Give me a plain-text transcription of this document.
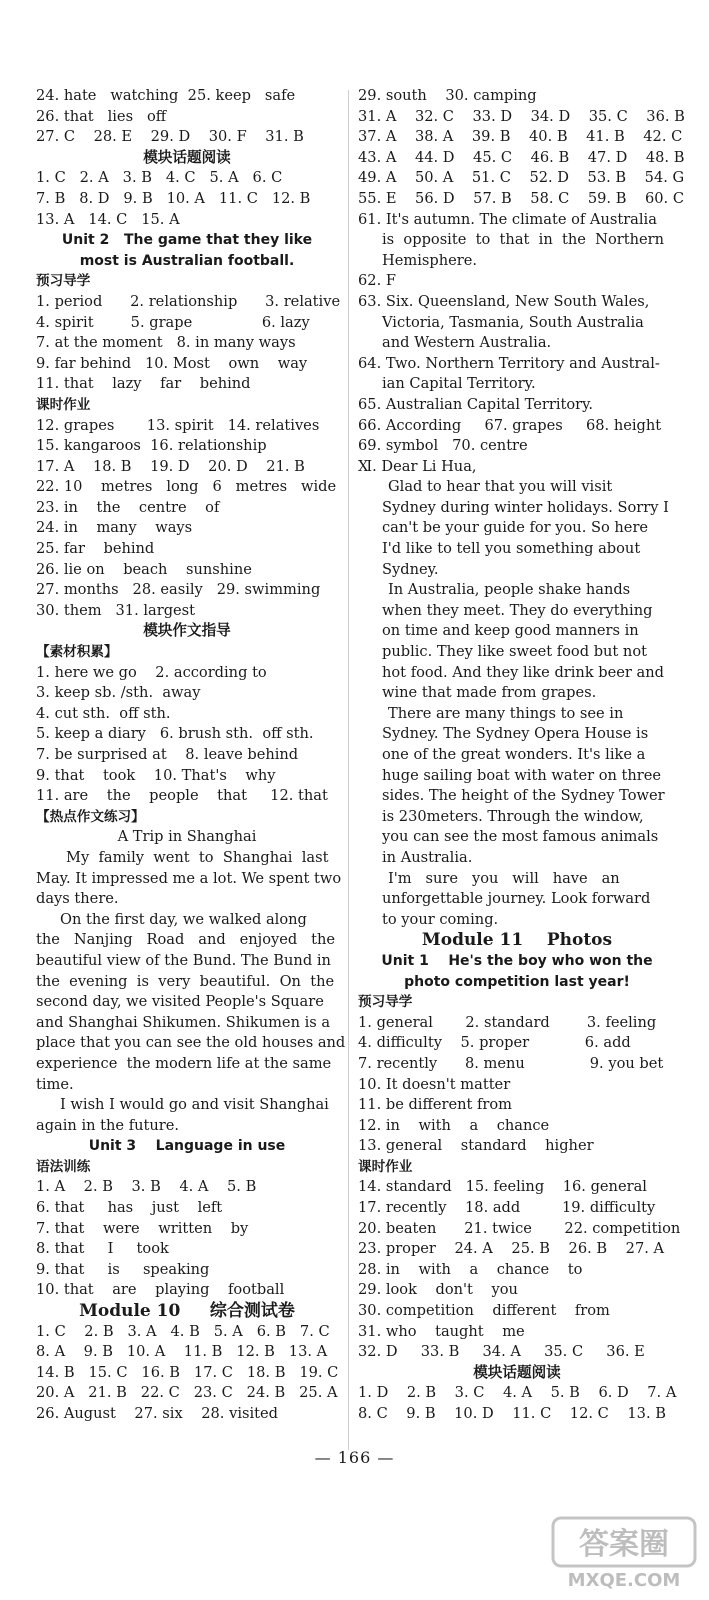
24. hate   watching  25. keep   safe
26. that   lies   off
27. C    28. E    29. D    30. F    31. B
模块话题阅读
1. C   2. A   3. B   4. C   5. A   6. C
7. B   8. D   9. B   10. A   11. C   12. B
13. A   14. C   15. A
Unit 2   The game that they like
most is Australian football.
预习导学
1. period      2. relationship      3. relative
4. spirit        5. grape               6. lazy
7. at the moment   8. in many ways
9. far behind   10. Most    own    way
11. that    lazy    far    behind
课时作业
12. grapes       13. spirit   14. relatives
15. kangaroos  16. relationship
17. A    18. B    19. D    20. D    21. B
22. 10    metres   long   6   metres   wide
23. in    the    centre    of
24. in    many    ways
25. far    behind
26. lie on    beach    sunshine
27. months   28. easily   29. swimming
30. them   31. largest
模块作文指导
【素材积累】
1. here we go    2. according to
3. keep sb. /sth.  away
4. cut sth.  off sth.
5. keep a diary   6. brush sth.  off sth.
7. be surprised at    8. leave behind
9. that    took    10. That's    why
11. are    the    people    that     12. that
【热点作文练习】
A Trip in Shanghai
My  family  went  to  Shanghai  last
May. It impressed me a lot. We spent two
days there.
On the first day, we walked along
the   Nanjing   Road   and   enjoyed   the
beautiful view of the Bund. The Bund in
the  evening  is  very  beautiful.  On  the
second day, we visited People's Square
and Shanghai Shikumen. Shikumen is a
place that you can see the old houses and
experience  the modern life at the same
time.
I wish I would go and visit Shanghai
again in the future.
Unit 3    Language in use
语法训练
1. A    2. B    3. B    4. A    5. B
6. that     has    just    left
7. that    were    written    by
8. that     I     took
9. that     is     speaking
10. that    are    playing    football
Module 10     综合测试卷
1. C    2. B   3. A   4. B   5. A   6. B   7. C
8. A    9. B   10. A    11. B   12. B   13. A
14. B   15. C   16. B   17. C   18. B   19. C
20. A   21. B   22. C   23. C   24. B   25. A
26. August    27. six    28. visited
29. south    30. camping
31. A    32. C    33. D    34. D    35. C    36. B
37. A    38. A    39. B    40. B    41. B    42. C
43. A    44. D    45. C    46. B    47. D    48. B
49. A    50. A    51. C    52. D    53. B    54. G
55. E    56. D    57. B    58. C    59. B    60. C
61. It's autumn. The climate of Australia
is  opposite  to  that  in  the  Northern
Hemisphere.
62. F
63. Six. Queensland, New South Wales,
Victoria, Tasmania, South Australia
and Western Australia.
64. Two. Northern Territory and Austral-
ian Capital Territory.
65. Australian Capital Territory.
66. According     67. grapes     68. height
69. symbol   70. centre
Ⅺ. Dear Li Hua,
Glad to hear that you will visit
Sydney during winter holidays. Sorry I
can't be your guide for you. So here
I'd like to tell you something about
Sydney.
In Australia, people shake hands
when they meet. They do everything
on time and keep good manners in
public. They like sweet food but not
hot food. And they like drink beer and
wine that made from grapes.
There are many things to see in
Sydney. The Sydney Opera House is
one of the great wonders. It's like a
huge sailing boat with water on three
sides. The height of the Sydney Tower
is 230meters. Through the window,
you can see the most famous animals
in Australia.
I'm   sure   you   will   have   an
unforgettable journey. Look forward
to your coming.
Module 11    Photos
Unit 1    He's the boy who won the
photo competition last year!
预习导学
1. general       2. standard        3. feeling
4. difficulty    5. proper            6. add
7. recently      8. menu              9. you bet
10. It doesn't matter
11. be different from
12. in    with    a    chance
13. general    standard    higher
课时作业
14. standard   15. feeling    16. general
17. recently    18. add         19. difficulty
20. beaten      21. twice       22. competition
23. proper    24. A    25. B    26. B    27. A
28. in    with    a    chance    to
29. look    don't    you
30. competition    different    from
31. who    taught    me
32. D     33. B     34. A     35. C     36. E
模块话题阅读
1. D    2. B    3. C    4. A    5. B    6. D    7. A
8. C    9. B    10. D    11. C    12. C    13. B
— 166 —
答案圈
MXQE.COM
